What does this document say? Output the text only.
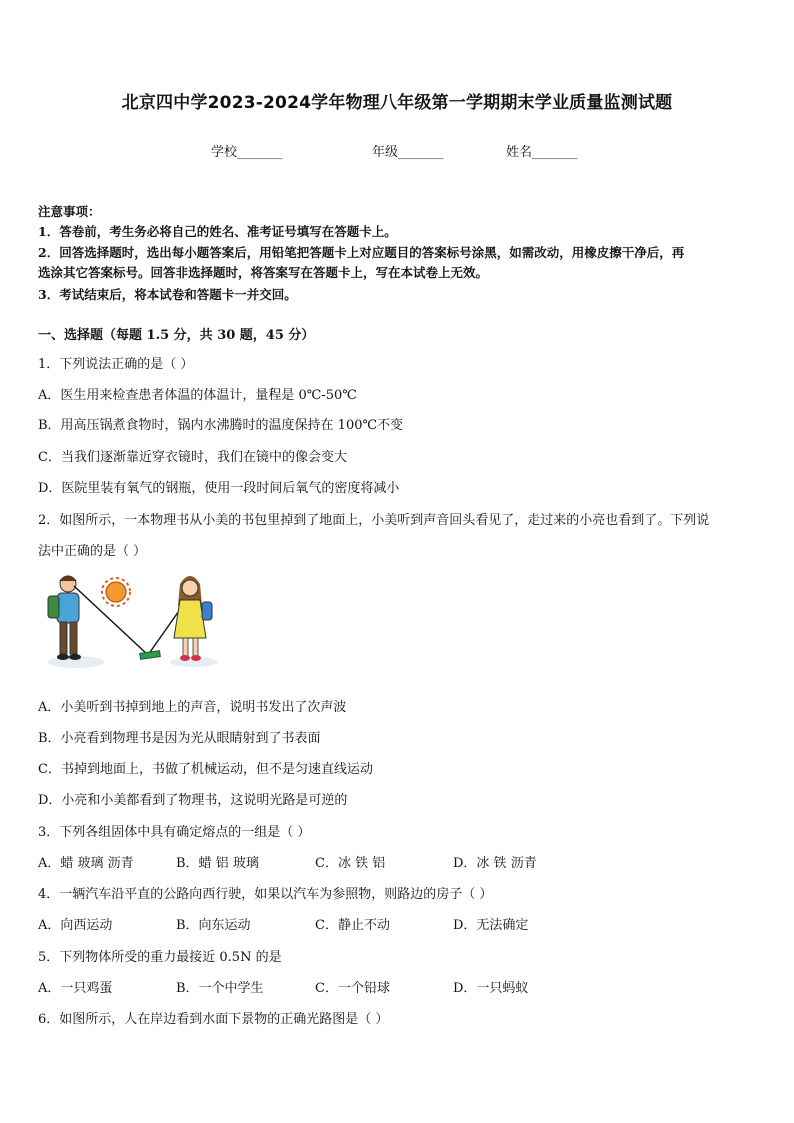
北京四中学2023-2024学年物理八年级第一学期期末学业质量监测试题
学校_______	年级_______	姓名_______
注意事项：
1．答卷前，考生务必将自己的姓名、准考证号填写在答题卡上。
2．回答选择题时，选出每小题答案后，用铅笔把答题卡上对应题目的答案标号涂黑，如需改动，用橡皮擦干净后，再
选涂其它答案标号。回答非选择题时，将答案写在答题卡上，写在本试卷上无效。
3．考试结束后，将本试卷和答题卡一并交回。
一、选择题（每题 1.5 分，共 30 题，45 分）
1．下列说法正确的是（ ）
A．医生用来检查患者体温的体温计，量程是 0℃-50℃
B．用高压锅煮食物时，锅内水沸腾时的温度保持在 100℃不变
C．当我们逐渐靠近穿衣镜时，我们在镜中的像会变大
D．医院里装有氧气的钢瓶，使用一段时间后氧气的密度将减小
2．如图所示，一本物理书从小美的书包里掉到了地面上，小美听到声音回头看见了，走过来的小亮也看到了。下列说
法中正确的是（ ）
A．小美听到书掉到地上的声音，说明书发出了次声波
B．小亮看到物理书是因为光从眼睛射到了书表面
C．书掉到地面上，书做了机械运动，但不是匀速直线运动
D．小亮和小美都看到了物理书，这说明光路是可逆的
3．下列各组固体中具有确定熔点的一组是（ ）
A．蜡 玻璃 沥青	B．蜡 铝 玻璃	C．冰 铁 铝	D．冰 铁 沥青
4．一辆汽车沿平直的公路向西行驶，如果以汽车为参照物，则路边的房子（ ）
A．向西运动	B．向东运动	C．静止不动	D．无法确定
5．下列物体所受的重力最接近 0.5N 的是
A．一只鸡蛋	B．一个中学生	C．一个铅球	D．一只蚂蚁
6．如图所示，人在岸边看到水面下景物的正确光路图是（ ）
